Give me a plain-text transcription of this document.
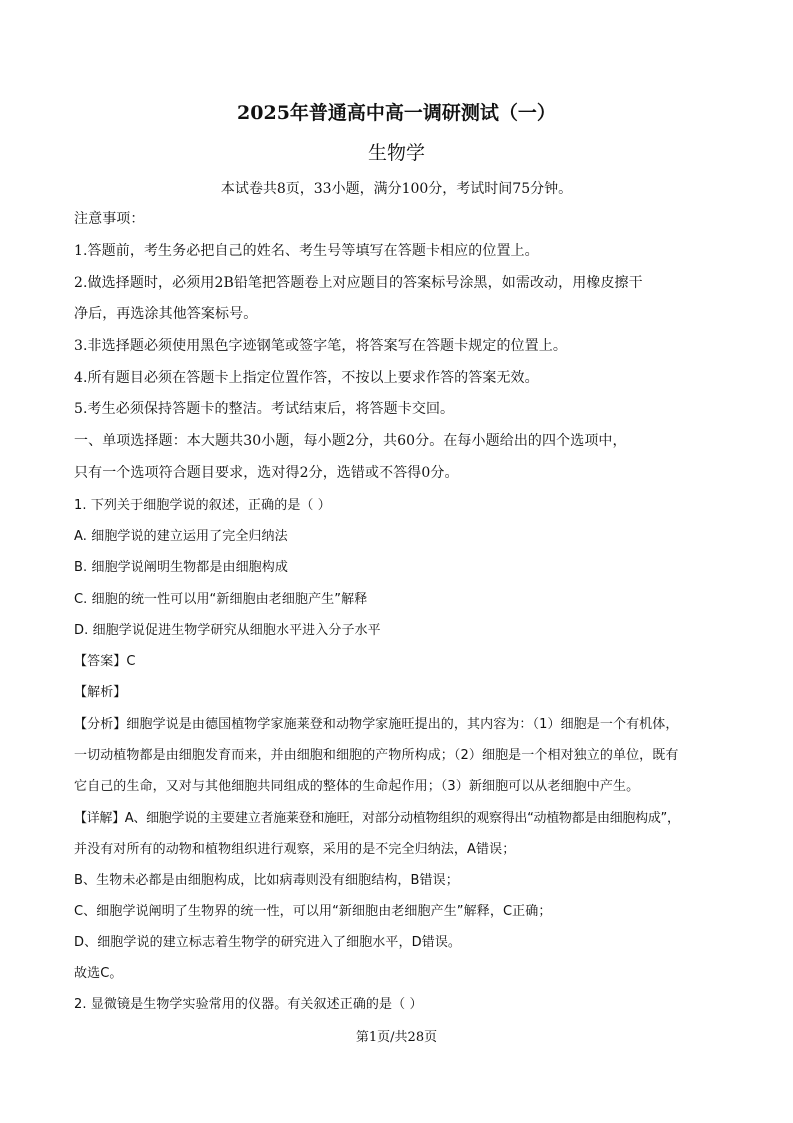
2025年普通高中高一调研测试（一）
生物学
本试卷共8页，33小题，满分100分，考试时间75分钟。
注意事项：
1.答题前，考生务必把自己的姓名、考生号等填写在答题卡相应的位置上。
2.做选择题时，必须用2B铅笔把答题卷上对应题目的答案标号涂黑，如需改动，用橡皮擦干
净后，再选涂其他答案标号。
3.非选择题必须使用黑色字迹钢笔或签字笔，将答案写在答题卡规定的位置上。
4.所有题目必须在答题卡上指定位置作答，不按以上要求作答的答案无效。
5.考生必须保持答题卡的整洁。考试结束后，将答题卡交回。
一、单项选择题：本大题共30小题，每小题2分，共60分。在每小题给出的四个选项中，
只有一个选项符合题目要求，选对得2分，选错或不答得0分。
1. 下列关于细胞学说的叙述，正确的是（ ）
A. 细胞学说的建立运用了完全归纳法
B. 细胞学说阐明生物都是由细胞构成
C. 细胞的统一性可以用“新细胞由老细胞产生”解释
D. 细胞学说促进生物学研究从细胞水平进入分子水平
【答案】C
【解析】
【分析】细胞学说是由德国植物学家施莱登和动物学家施旺提出的，其内容为：（1）细胞是一个有机体，
一切动植物都是由细胞发育而来，并由细胞和细胞的产物所构成；（2）细胞是一个相对独立的单位，既有
它自己的生命，又对与其他细胞共同组成的整体的生命起作用；（3）新细胞可以从老细胞中产生。
【详解】A、细胞学说的主要建立者施莱登和施旺，对部分动植物组织的观察得出“动植物都是由细胞构成”，
并没有对所有的动物和植物组织进行观察，采用的是不完全归纳法，A错误；
B、生物未必都是由细胞构成，比如病毒则没有细胞结构，B错误；
C、细胞学说阐明了生物界的统一性，可以用“新细胞由老细胞产生”解释，C正确；
D、细胞学说的建立标志着生物学的研究进入了细胞水平，D错误。
故选C。
2. 显微镜是生物学实验常用的仪器。有关叙述正确的是（ ）
第1页/共28页
